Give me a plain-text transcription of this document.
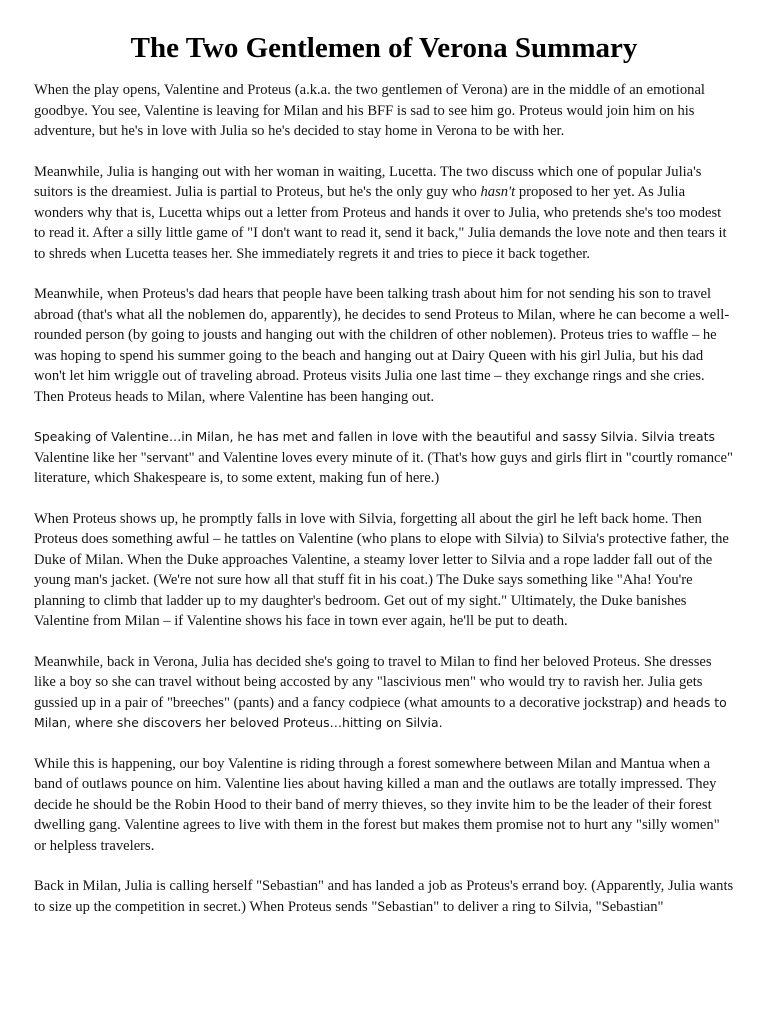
The Two Gentlemen of Verona Summary

When the play opens, Valentine and Proteus (a.k.a. the two gentlemen of Verona) are in the middle of an emotional goodbye. You see, Valentine is leaving for Milan and his BFF is sad to see him go. Proteus would join him on his adventure, but he's in love with Julia so he's decided to stay home in Verona to be with her.

Meanwhile, Julia is hanging out with her woman in waiting, Lucetta. The two discuss which one of popular Julia's suitors is the dreamiest. Julia is partial to Proteus, but he's the only guy who hasn't proposed to her yet. As Julia wonders why that is, Lucetta whips out a letter from Proteus and hands it over to Julia, who pretends she's too modest to read it. After a silly little game of "I don't want to read it, send it back," Julia demands the love note and then tears it to shreds when Lucetta teases her. She immediately regrets it and tries to piece it back together.

Meanwhile, when Proteus's dad hears that people have been talking trash about him for not sending his son to travel abroad (that's what all the noblemen do, apparently), he decides to send Proteus to Milan, where he can become a well-rounded person (by going to jousts and hanging out with the children of other noblemen). Proteus tries to waffle – he was hoping to spend his summer going to the beach and hanging out at Dairy Queen with his girl Julia, but his dad won't let him wriggle out of traveling abroad. Proteus visits Julia one last time – they exchange rings and she cries. Then Proteus heads to Milan, where Valentine has been hanging out.

Speaking of Valentine…in Milan, he has met and fallen in love with the beautiful and sassy Silvia. Silvia treats Valentine like her "servant" and Valentine loves every minute of it. (That's how guys and girls flirt in "courtly romance" literature, which Shakespeare is, to some extent, making fun of here.)

When Proteus shows up, he promptly falls in love with Silvia, forgetting all about the girl he left back home. Then Proteus does something awful – he tattles on Valentine (who plans to elope with Silvia) to Silvia's protective father, the Duke of Milan. When the Duke approaches Valentine, a steamy lover letter to Silvia and a rope ladder fall out of the young man's jacket. (We're not sure how all that stuff fit in his coat.) The Duke says something like "Aha! You're planning to climb that ladder up to my daughter's bedroom. Get out of my sight." Ultimately, the Duke banishes Valentine from Milan – if Valentine shows his face in town ever again, he'll be put to death.

Meanwhile, back in Verona, Julia has decided she's going to travel to Milan to find her beloved Proteus. She dresses like a boy so she can travel without being accosted by any "lascivious men" who would try to ravish her. Julia gets gussied up in a pair of "breeches" (pants) and a fancy codpiece (what amounts to a decorative jockstrap) and heads to Milan, where she discovers her beloved Proteus…hitting on Silvia.

While this is happening, our boy Valentine is riding through a forest somewhere between Milan and Mantua when a band of outlaws pounce on him. Valentine lies about having killed a man and the outlaws are totally impressed. They decide he should be the Robin Hood to their band of merry thieves, so they invite him to be the leader of their forest dwelling gang. Valentine agrees to live with them in the forest but makes them promise not to hurt any "silly women" or helpless travelers.

Back in Milan, Julia is calling herself "Sebastian" and has landed a job as Proteus's errand boy. (Apparently, Julia wants to size up the competition in secret.) When Proteus sends "Sebastian" to deliver a ring to Silvia, "Sebastian"
